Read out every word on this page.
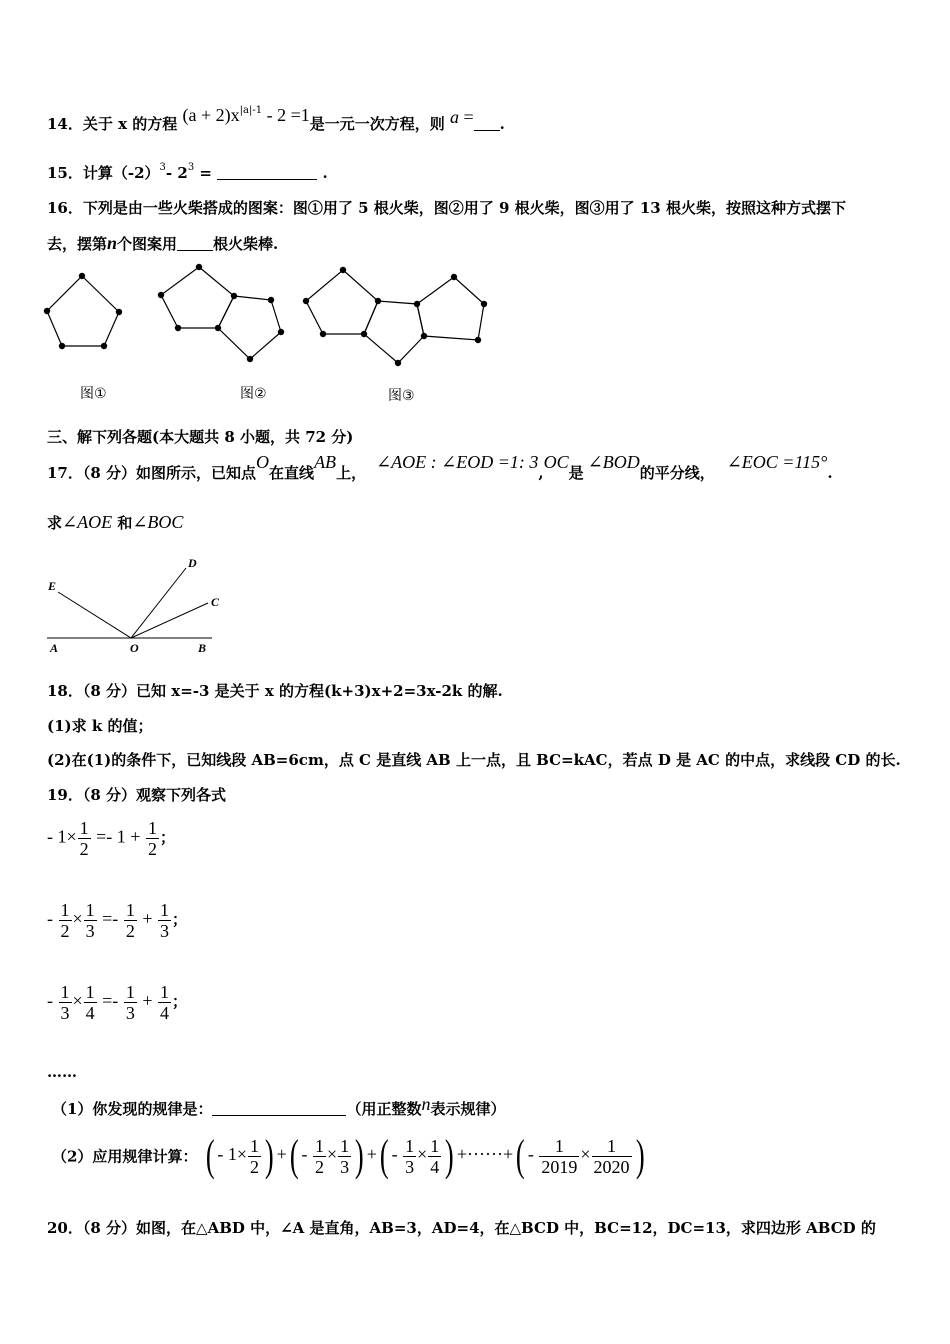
14．关于 x 的方程 $(a + 2)x^{|a|-1} - 2 =1$是一元一次方程，则 a = .
15．计算$(-2)^3-$ $2^3$ =	.
16．下列是由一些火柴搭成的图案：图①用了 5 根火柴，图②用了 9 根火柴，图③用了 13 根火柴，按照这种方式摆下
去，摆第n个图案用 根火柴棒.
图①	图②	图③
三、解下列各题(本大题共 8 小题，共 72 分)
17．（8 分）如图所示，已知点O在直线AB上，∠AOE : ∠EOD =1: 3,OC是∠BOD的平分线，∠EOC =115°.
求∠AOE 和∠BOC
E
D
C
A	O	B
18．（8 分）已知 x=-3 是关于 x 的方程(k+3)x+2=3x-2k 的解.
(1)求 k 的值；
(2)在(1)的条件下，已知线段 AB=6cm，点 C 是直线 AB 上一点，且 BC=kAC，若点 D 是 AC 的中点，求线段 CD 的长.
19．（8 分）观察下列各式
- $1\times \frac{1}{2} =- 1 + \frac{1}{2}$ ；
- $\frac{1}{2} \times \frac{1}{3} =- \frac{1}{2} + \frac{1}{3}$ ；
- $\frac{1}{3} \times \frac{1}{4} =- \frac{1}{3} + \frac{1}{4}$ ；
……
（1）你发现的规律是：	（用正整数n表示规律）
（2）应用规律计算： ( - $1\times \frac{1}{2}$ ) +( - $\frac{1}{2} \times \frac{1}{3}$ ) +( - $\frac{1}{3} \times \frac{1}{4}$ ) +······+( - $\frac{1}{2019} \times \frac{1}{2020}$ )
20．（8 分）如图，在△ABD 中，∠A 是直角，AB=3，AD=4，在△BCD 中，BC=12，DC=13，求四边形 ABCD 的
